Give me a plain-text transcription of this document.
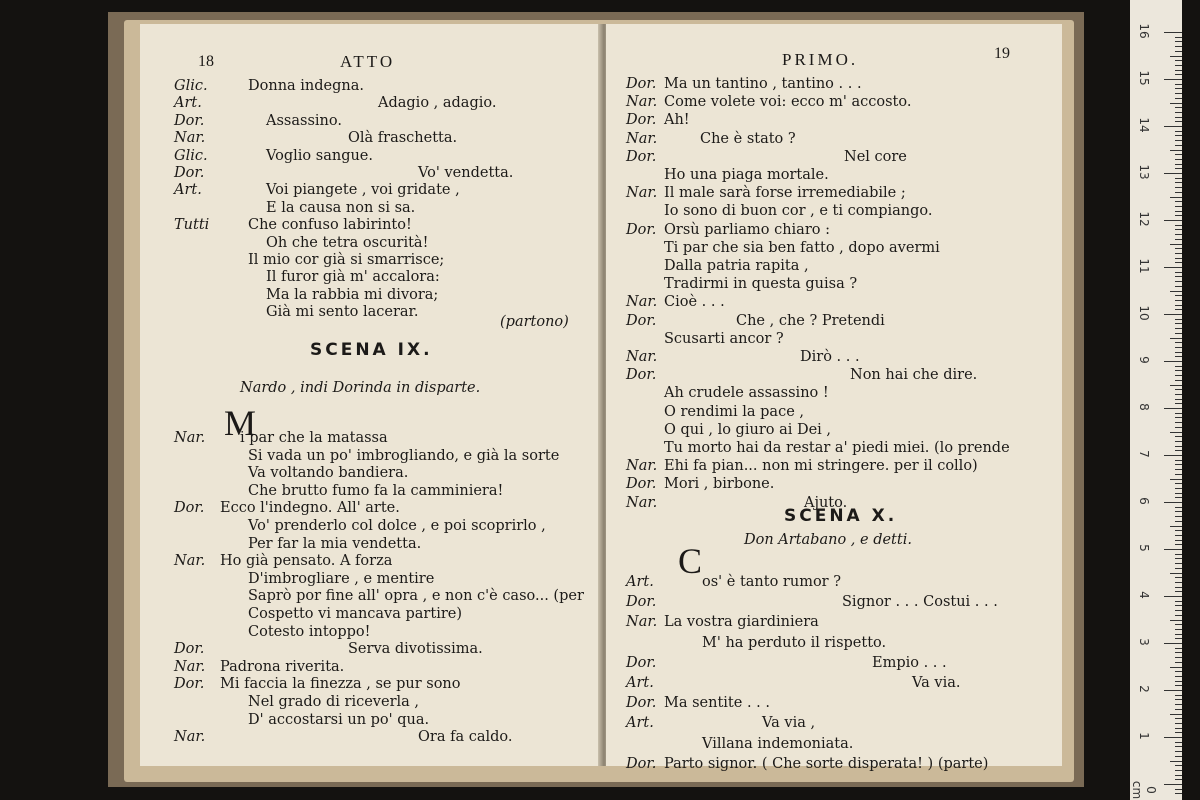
18	ATTO
Glic.	Donna indegna.
Art.	Adagio , adagio.
Dor.	Assassino.
Nar.	Olà fraschetta.
Glic.	Voglio sangue.
Dor.	Vo' vendetta.
Art.	Voi piangete , voi gridate ,
E la causa non si sa.
Tutti	Che confuso labirinto!
Oh che tetra oscurità!
Il mio cor già si smarrisce;
Il furor già m' accalora:
Ma la rabbia mi divora;
Già mi sento lacerar.
(partono)
SCENA IX.
Nardo , indi Dorinda in disparte.
M
Nar. i par che la matassa
Si vada un po' imbrogliando, e già la sorte
Va voltando bandiera.
Che brutto fumo fa la camminiera!
Dor. Ecco l'indegno. All' arte.
Vo' prenderlo col dolce , e poi scoprirlo ,
Per far la mia vendetta.
Nar. Ho già pensato. A forza
D'imbrogliare , e mentire
Saprò por fine all' opra , e non c'è caso... (per
Cospetto vi mancava partire)
Cotesto intoppo!
Dor.	Serva divotissima.
Nar. Padrona riverita.
Dor. Mi faccia la finezza , se pur sono
Nel grado di riceverla ,
D' accostarsi un po' qua.
Nar.	Ora fa caldo.
PRIMO.	19
Dor. Ma un tantino , tantino . . .
Nar. Come volete voi: ecco m' accosto.
Dor. Ah!
Nar.	Che è stato ?
Dor.	Nel core
Ho una piaga mortale.
Nar. Il male sarà forse irremediabile ;
Io sono di buon cor , e ti compiango.
Dor. Orsù parliamo chiaro :
Ti par che sia ben fatto , dopo avermi
Dalla patria rapita ,
Tradirmi in questa guisa ?
Nar. Cioè . . .
Dor.	Che , che ? Pretendi
Scusarti ancor ?
Nar.	Dirò . . .
Dor.	Non hai che dire.
Ah crudele assassino !
O rendimi la pace ,
O qui , lo giuro ai Dei ,
Tu morto hai da restar a' piedi miei. (lo prende
Nar. Ehi fa pian... non mi stringere. per il collo)
Dor. Mori , birbone.
Nar.	Ajuto.
SCENA X.
Don Artabano , e detti.
C
Art.	os' è tanto rumor ?
Dor.	Signor . . . Costui . . .
Nar. La vostra giardiniera
M' ha perduto il rispetto.
Dor.	Empio . . .
Art.	Va via.
Dor. Ma sentite . . .
Art.	Va via ,
Villana indemoniata.
Dor. Parto signor. ( Che sorte disperata! ) (parte)
16
15
14
13
12
11
10
9
8
7
6
5
4
3
2
1
0 cm
